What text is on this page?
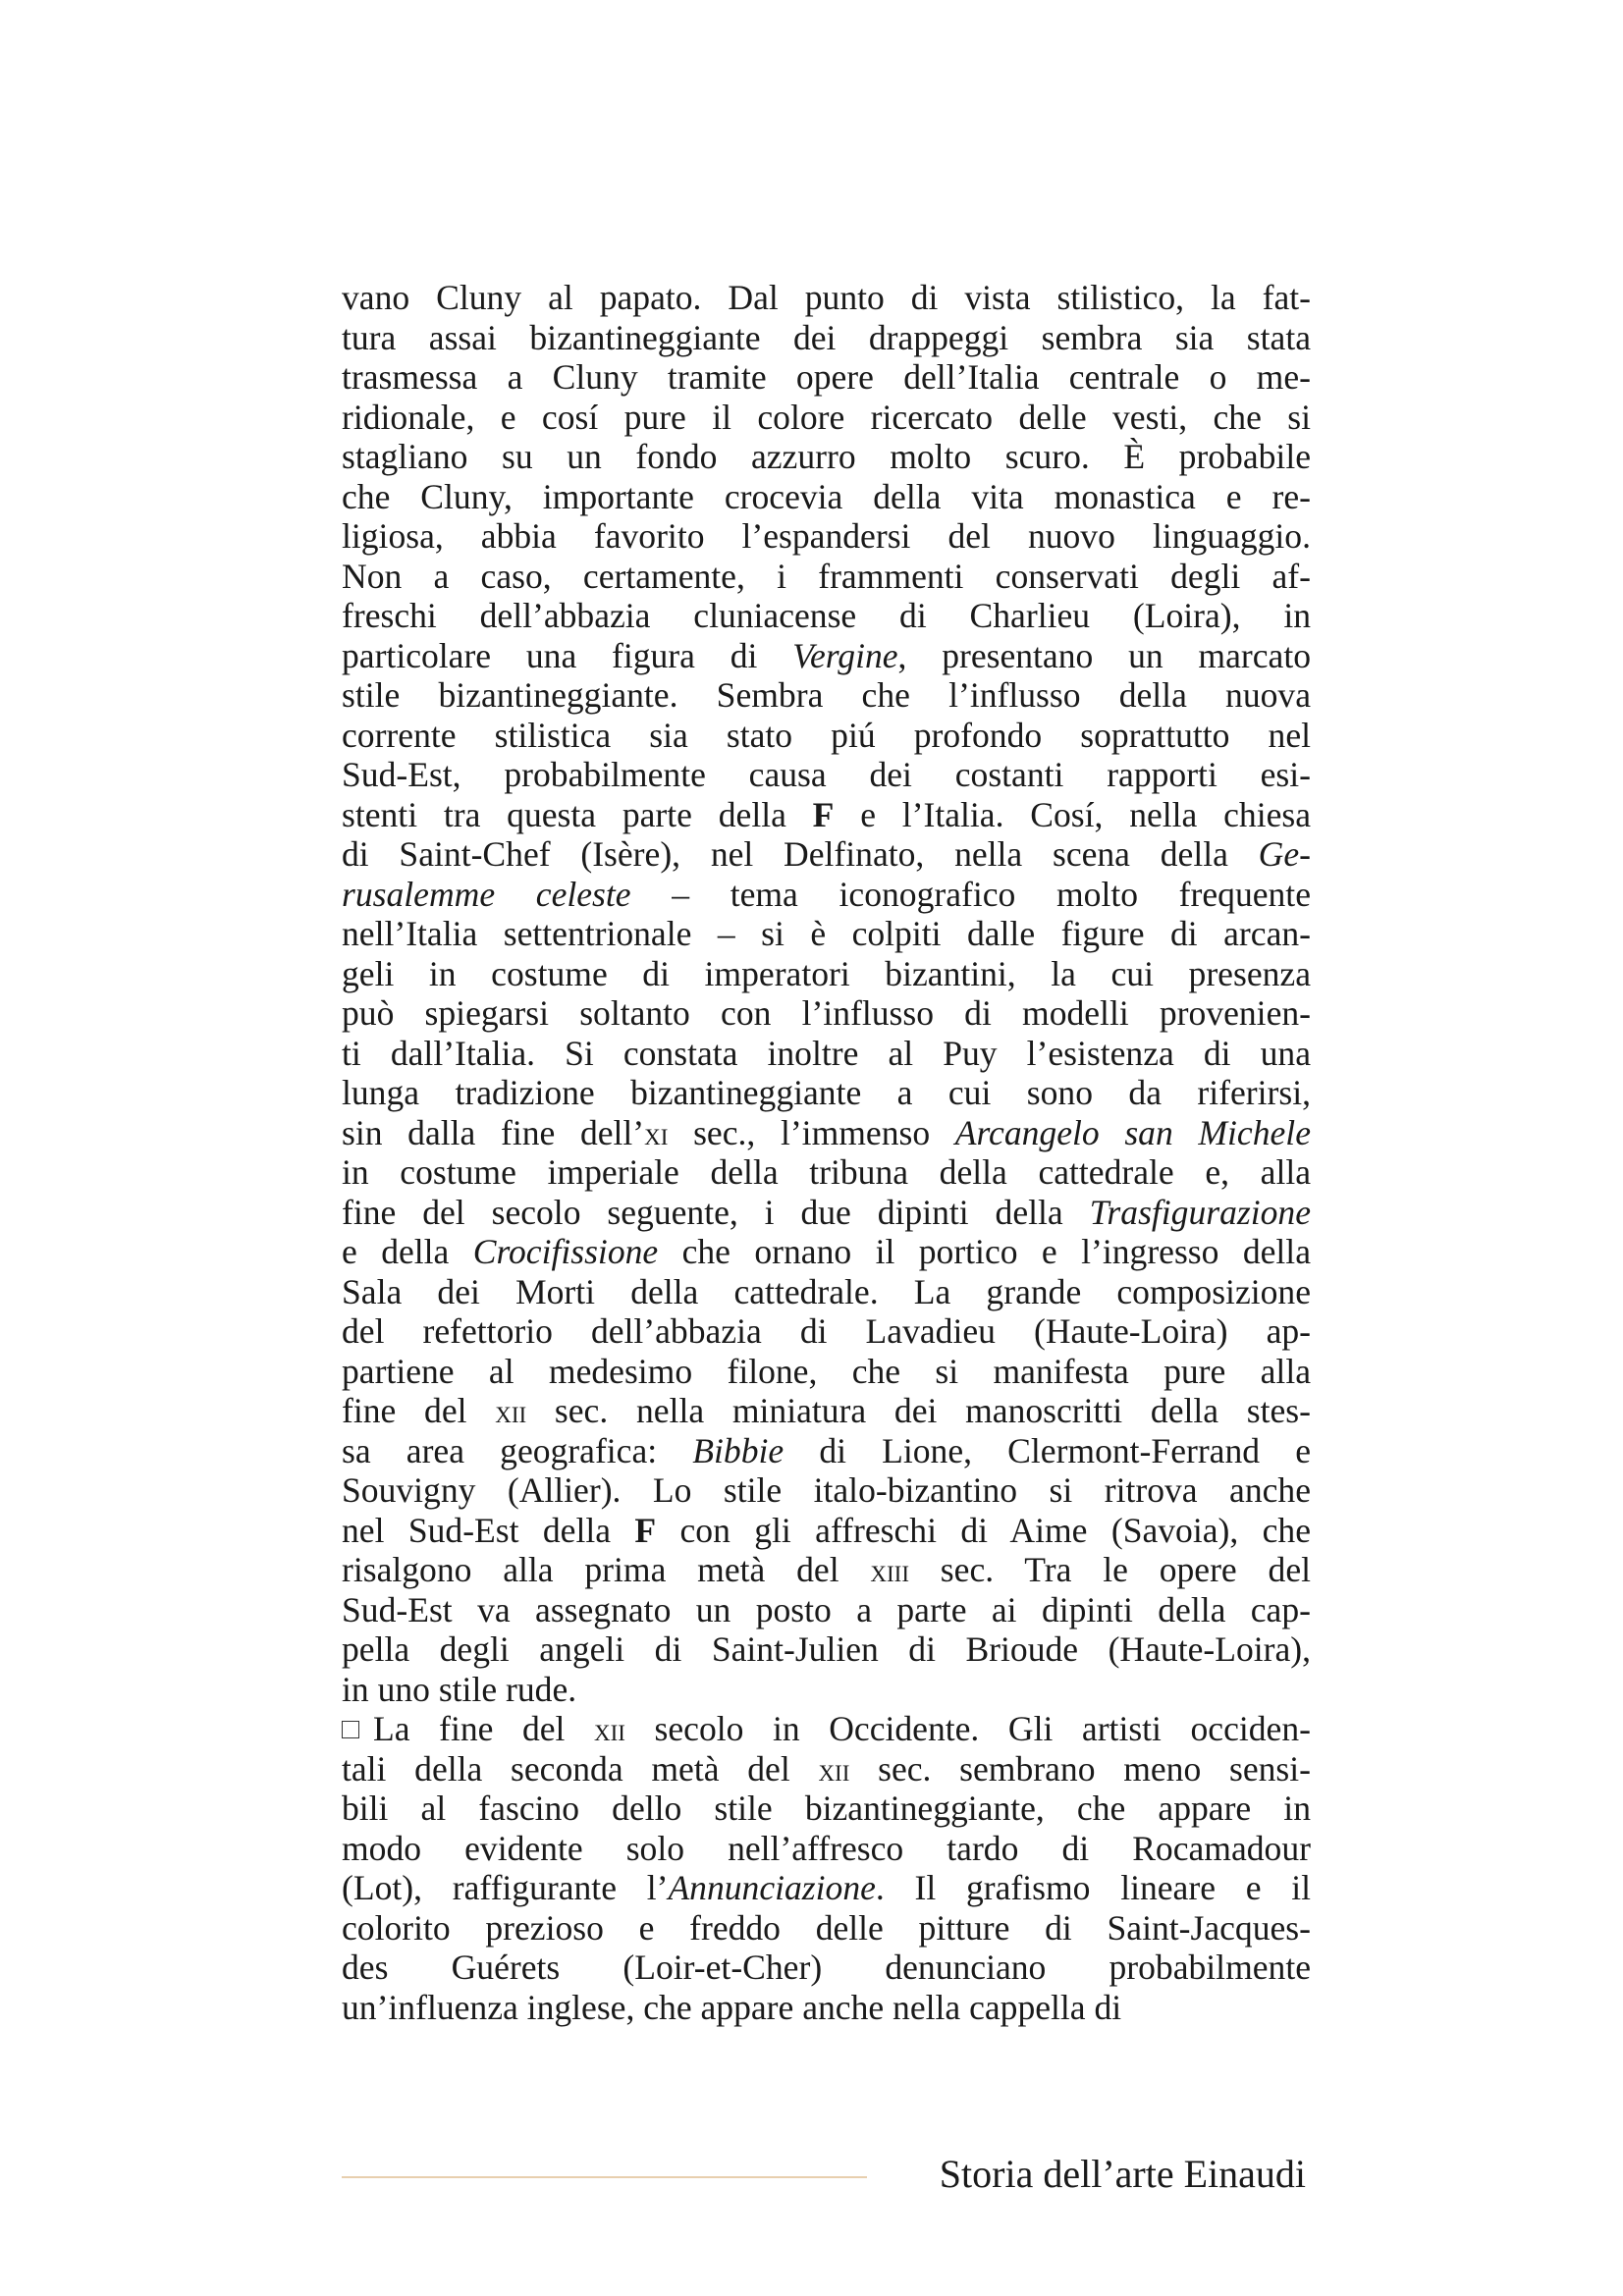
vano Cluny al papato. Dal punto di vista stilistico, la fat-
tura assai bizantineggiante dei drappeggi sembra sia stata
trasmessa a Cluny tramite opere dell’Italia centrale o me-
ridionale, e cosí pure il colore ricercato delle vesti, che si
stagliano su un fondo azzurro molto scuro. È probabile
che Cluny, importante crocevia della vita monastica e re-
ligiosa, abbia favorito l’espandersi del nuovo linguaggio.
Non a caso, certamente, i frammenti conservati degli af-
freschi dell’abbazia cluniacense di Charlieu (Loira), in
particolare una figura di Vergine, presentano un marcato
stile bizantineggiante. Sembra che l’influsso della nuova
corrente stilistica sia stato piú profondo soprattutto nel
Sud-Est, probabilmente causa dei costanti rapporti esi-
stenti tra questa parte della F e l’Italia. Cosí, nella chiesa
di Saint-Chef (Isère), nel Delfinato, nella scena della Ge-
rusalemme celeste – tema iconografico molto frequente
nell’Italia settentrionale – si è colpiti dalle figure di arcan-
geli in costume di imperatori bizantini, la cui presenza
può spiegarsi soltanto con l’influsso di modelli provenien-
ti dall’Italia. Si constata inoltre al Puy l’esistenza di una
lunga tradizione bizantineggiante a cui sono da riferirsi,
sin dalla fine dell’xi sec., l’immenso Arcangelo san Michele
in costume imperiale della tribuna della cattedrale e, alla
fine del secolo seguente, i due dipinti della Trasfigurazione
e della Crocifissione che ornano il portico e l’ingresso della
Sala dei Morti della cattedrale. La grande composizione
del refettorio dell’abbazia di Lavadieu (Haute-Loira) ap-
partiene al medesimo filone, che si manifesta pure alla
fine del xii sec. nella miniatura dei manoscritti della stes-
sa area geografica: Bibbie di Lione, Clermont-Ferrand e
Souvigny (Allier). Lo stile italo-bizantino si ritrova anche
nel Sud-Est della F con gli affreschi di Aime (Savoia), che
risalgono alla prima metà del xiii sec. Tra le opere del
Sud-Est va assegnato un posto a parte ai dipinti della cap-
pella degli angeli di Saint-Julien di Brioude (Haute-Loira),
in uno stile rude.
La fine del xii secolo in Occidente. Gli artisti occiden-
tali della seconda metà del xii sec. sembrano meno sensi-
bili al fascino dello stile bizantineggiante, che appare in
modo evidente solo nell’affresco tardo di Rocamadour
(Lot), raffigurante l’Annunciazione. Il grafismo lineare e il
colorito prezioso e freddo delle pitture di Saint-Jacques-
des Guérets (Loir-et-Cher) denunciano probabilmente
un’influenza inglese, che appare anche nella cappella di
Storia dell’arte Einaudi
